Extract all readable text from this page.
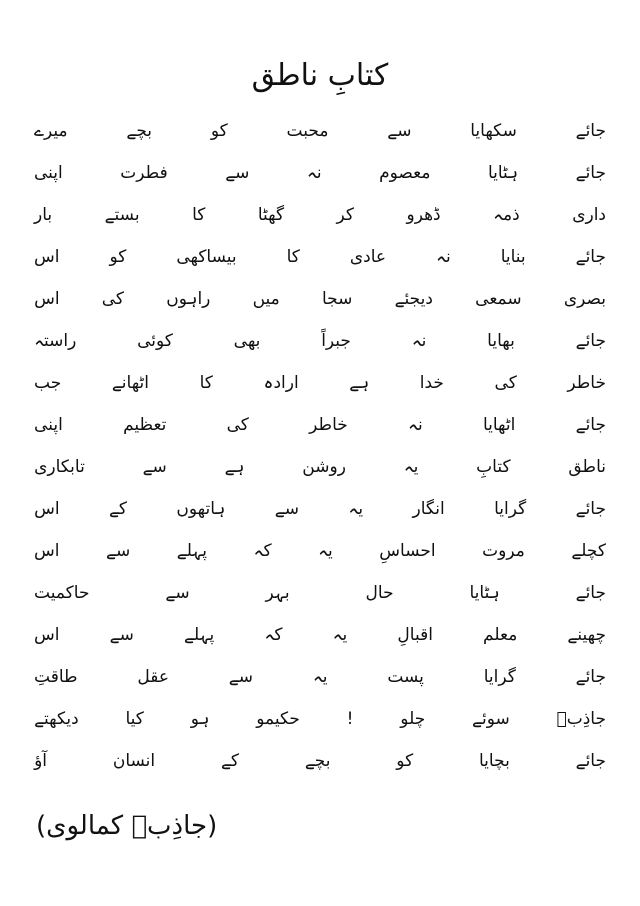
کتابِ ناطق
میرے	بچے	کو	محبت	سے	سکھایا	جائے
اپنی	فطرت	سے	نہ	معصوم	ہٹایا	جائے
بار	بستے	کا	گھٹا	کر	ڈھرو	ذمہ	داری
اس	کو	بیساکھی	کا	عادی	نہ	بنایا	جائے
اس کی راہوں میں سجا دیجئے سمعی بصری
راستہ	کوئی	بھی	جبراً	نہ	بھایا	جائے
جب	اٹھانے	کا	ارادہ	ہے	خدا	کی	خاطر
اپنی	تعظیم	کی	خاطر	نہ	اٹھایا	جائے
تابکاری	سے	ہے	روشن	یہ	کتابِ	ناطق
اس	کے	ہاتھوں	سے	یہ	انگار	گرایا	جائے
اس	سے	پہلے	کہ	یہ	احساسِ	مروت	کچلے
حاکمیت	سے	بہر	حال	ہٹایا	جائے
اس	سے	پہلے	کہ	یہ	اقبالِ	معلم	چھینے
طاقتِ	عقل	سے	یہ	پست	گرایا	جائے
دیکھتے	کیا	ہو	حکیمو	!	چلو	سوئے	جاذِبؔ
آؤ	انسان	کے	بچے	کو	بچایا	جائے
(جاذِبؔ کمالوی)
